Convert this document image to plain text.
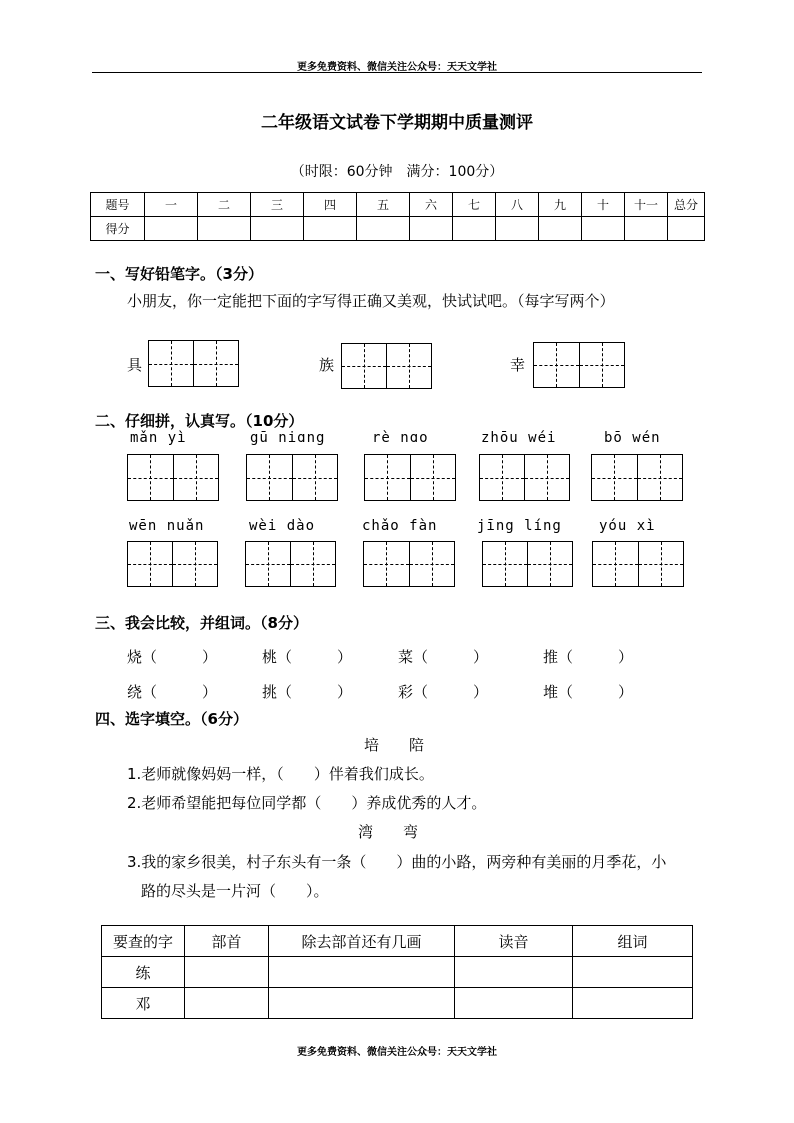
更多免费资料、微信关注公众号：天天文学社
二年级语文试卷下学期期中质量测评
（时限：60分钟　满分：100分）
题号	一	二	三	四	五	六	七	八	九	十	十一	总分
得分												
一、写好铅笔字。（3分）
小朋友，你一定能把下面的字写得正确又美观，快试试吧。（每字写两个）
具	族	幸
二、仔细拼，认真写。（10分）
mǎn yì	gū niɑng	rè nɑo	zhōu wéi	bō wén
wēn nuǎn	wèi dào	chǎo fàn	jīng líng	yóu xì
三、我会比较，并组词。（8分）
烧（　　　）	桃（　　　）	菜（　　　）	推（　　　）
绕（　　　）	挑（　　　）	彩（　　　）	堆（　　　）
四、选字填空。（6分）
培　　陪
1.老师就像妈妈一样，（　　）伴着我们成长。
2.老师希望能把每位同学都（　　）养成优秀的人才。
湾　　弯
3.我的家乡很美，村子东头有一条（　　）曲的小路，两旁种有美丽的月季花，小
路的尽头是一片河（　　）。
要查的字	部首	除去部首还有几画	读音	组词
练				
邓				
更多免费资料、微信关注公众号：天天文学社
